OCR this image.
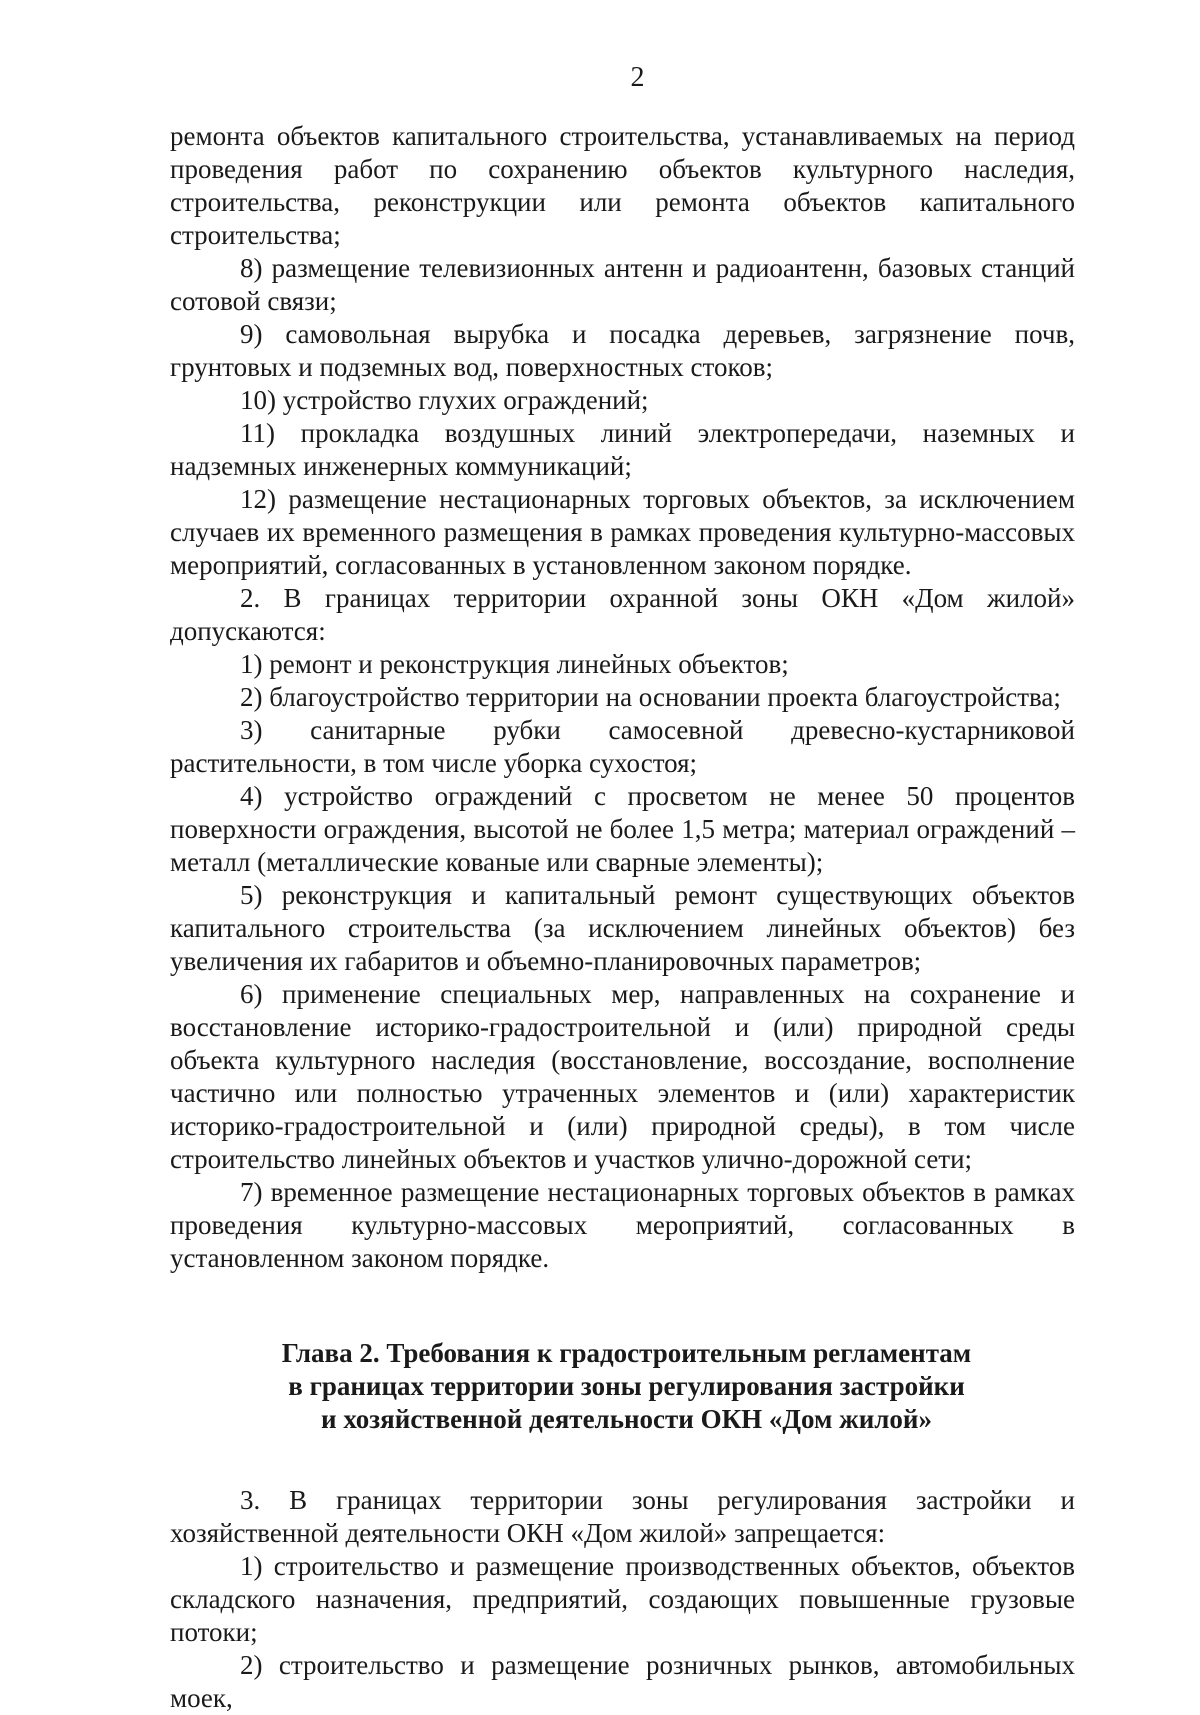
2

ремонта объектов капитального строительства, устанавливаемых на период проведения работ по сохранению объектов культурного наследия, строительства, реконструкции или ремонта объектов капитального строительства;

8) размещение телевизионных антенн и радиоантенн, базовых станций сотовой связи;

9) самовольная вырубка и посадка деревьев, загрязнение почв, грунтовых и подземных вод, поверхностных стоков;

10) устройство глухих ограждений;

11) прокладка воздушных линий электропередачи, наземных и надземных инженерных коммуникаций;

12) размещение нестационарных торговых объектов, за исключением случаев их временного размещения в рамках проведения культурно-массовых мероприятий, согласованных в установленном законом порядке.

2. В границах территории охранной зоны ОКН «Дом жилой» допускаются:

1) ремонт и реконструкция линейных объектов;

2) благоустройство территории на основании проекта благоустройства;

3) санитарные рубки самосевной древесно-кустарниковой растительности, в том числе уборка сухостоя;

4) устройство ограждений с просветом не менее 50 процентов поверхности ограждения, высотой не более 1,5 метра; материал ограждений – металл (металлические кованые или сварные элементы);

5) реконструкция и капитальный ремонт существующих объектов капитального строительства (за исключением линейных объектов) без увеличения их габаритов и объемно-планировочных параметров;

6) применение специальных мер, направленных на сохранение и восстановление историко-градостроительной и (или) природной среды объекта культурного наследия (восстановление, воссоздание, восполнение частично или полностью утраченных элементов и (или) характеристик историко-градостроительной и (или) природной среды), в том числе строительство линейных объектов и участков улично-дорожной сети;

7) временное размещение нестационарных торговых объектов в рамках проведения культурно-массовых мероприятий, согласованных в установленном законом порядке.

Глава 2. Требования к градостроительным регламентам
в границах территории зоны регулирования застройки
и хозяйственной деятельности ОКН «Дом жилой»

3. В границах территории зоны регулирования застройки и хозяйственной деятельности ОКН «Дом жилой» запрещается:

1) строительство и размещение производственных объектов, объектов складского назначения, предприятий, создающих повышенные грузовые потоки;

2) строительство и размещение розничных рынков, автомобильных моек,
